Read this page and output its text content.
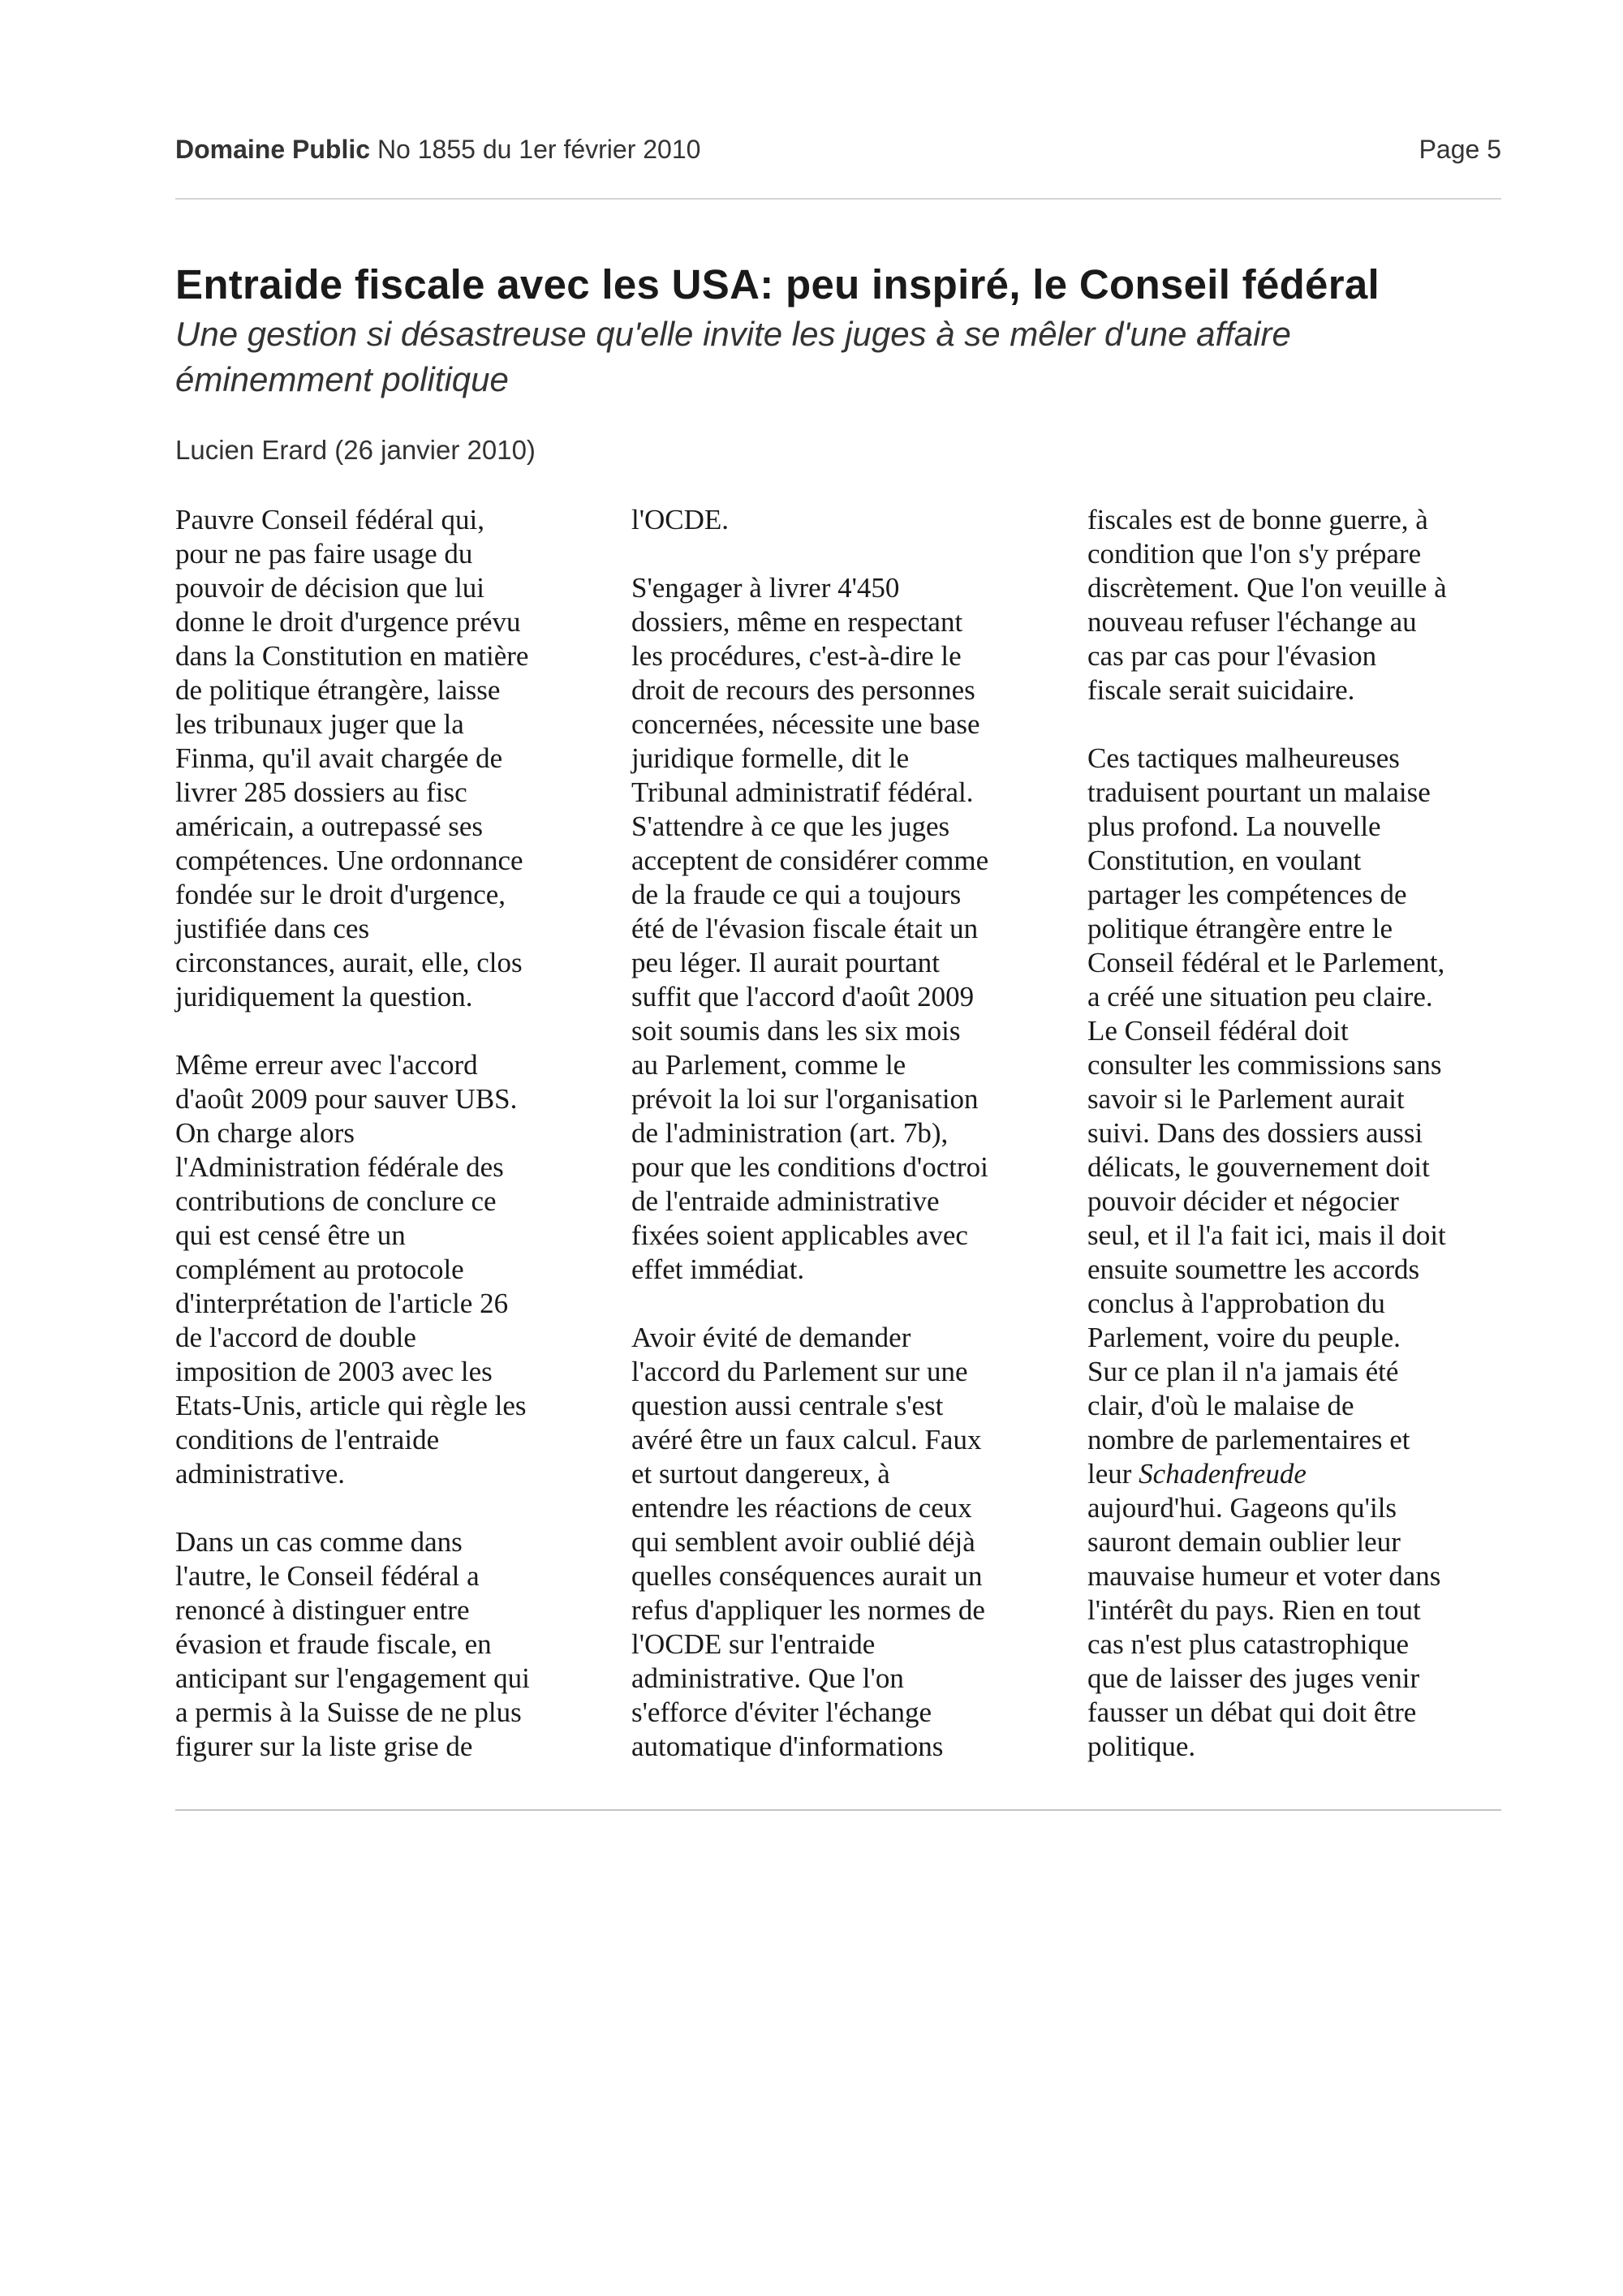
Domaine Public No 1855 du 1er février 2010	Page 5
Entraide fiscale avec les USA: peu inspiré, le Conseil fédéral

Une gestion si désastreuse qu'elle invite les juges à se mêler d'une affaire
éminemment politique

Lucien Erard (26 janvier 2010)

Pauvre Conseil fédéral qui,
pour ne pas faire usage du
pouvoir de décision que lui
donne le droit d'urgence prévu
dans la Constitution en matière
de politique étrangère, laisse
les tribunaux juger que la
Finma, qu'il avait chargée de
livrer 285 dossiers au fisc
américain, a outrepassé ses
compétences. Une ordonnance
fondée sur le droit d'urgence,
justifiée dans ces
circonstances, aurait, elle, clos
juridiquement la question.

Même erreur avec l'accord
d'août 2009 pour sauver UBS.
On charge alors
l'Administration fédérale des
contributions de conclure ce
qui est censé être un
complément au protocole
d'interprétation de l'article 26
de l'accord de double
imposition de 2003 avec les
Etats-Unis, article qui règle les
conditions de l'entraide
administrative.

Dans un cas comme dans
l'autre, le Conseil fédéral a
renoncé à distinguer entre
évasion et fraude fiscale, en
anticipant sur l'engagement qui
a permis à la Suisse de ne plus
figurer sur la liste grise de

l'OCDE.

S'engager à livrer 4'450
dossiers, même en respectant
les procédures, c'est-à-dire le
droit de recours des personnes
concernées, nécessite une base
juridique formelle, dit le
Tribunal administratif fédéral.
S'attendre à ce que les juges
acceptent de considérer comme
de la fraude ce qui a toujours
été de l'évasion fiscale était un
peu léger. Il aurait pourtant
suffit que l'accord d'août 2009
soit soumis dans les six mois
au Parlement, comme le
prévoit la loi sur l'organisation
de l'administration (art. 7b),
pour que les conditions d'octroi
de l'entraide administrative
fixées soient applicables avec
effet immédiat.

Avoir évité de demander
l'accord du Parlement sur une
question aussi centrale s'est
avéré être un faux calcul. Faux
et surtout dangereux, à
entendre les réactions de ceux
qui semblent avoir oublié déjà
quelles conséquences aurait un
refus d'appliquer les normes de
l'OCDE sur l'entraide
administrative. Que l'on
s'efforce d'éviter l'échange
automatique d'informations

fiscales est de bonne guerre, à
condition que l'on s'y prépare
discrètement. Que l'on veuille à
nouveau refuser l'échange au
cas par cas pour l'évasion
fiscale serait suicidaire.

Ces tactiques malheureuses
traduisent pourtant un malaise
plus profond. La nouvelle
Constitution, en voulant
partager les compétences de
politique étrangère entre le
Conseil fédéral et le Parlement,
a créé une situation peu claire.
Le Conseil fédéral doit
consulter les commissions sans
savoir si le Parlement aurait
suivi. Dans des dossiers aussi
délicats, le gouvernement doit
pouvoir décider et négocier
seul, et il l'a fait ici, mais il doit
ensuite soumettre les accords
conclus à l'approbation du
Parlement, voire du peuple.
Sur ce plan il n'a jamais été
clair, d'où le malaise de
nombre de parlementaires et
leur Schadenfreude
aujourd'hui. Gageons qu'ils
sauront demain oublier leur
mauvaise humeur et voter dans
l'intérêt du pays. Rien en tout
cas n'est plus catastrophique
que de laisser des juges venir
fausser un débat qui doit être
politique.
